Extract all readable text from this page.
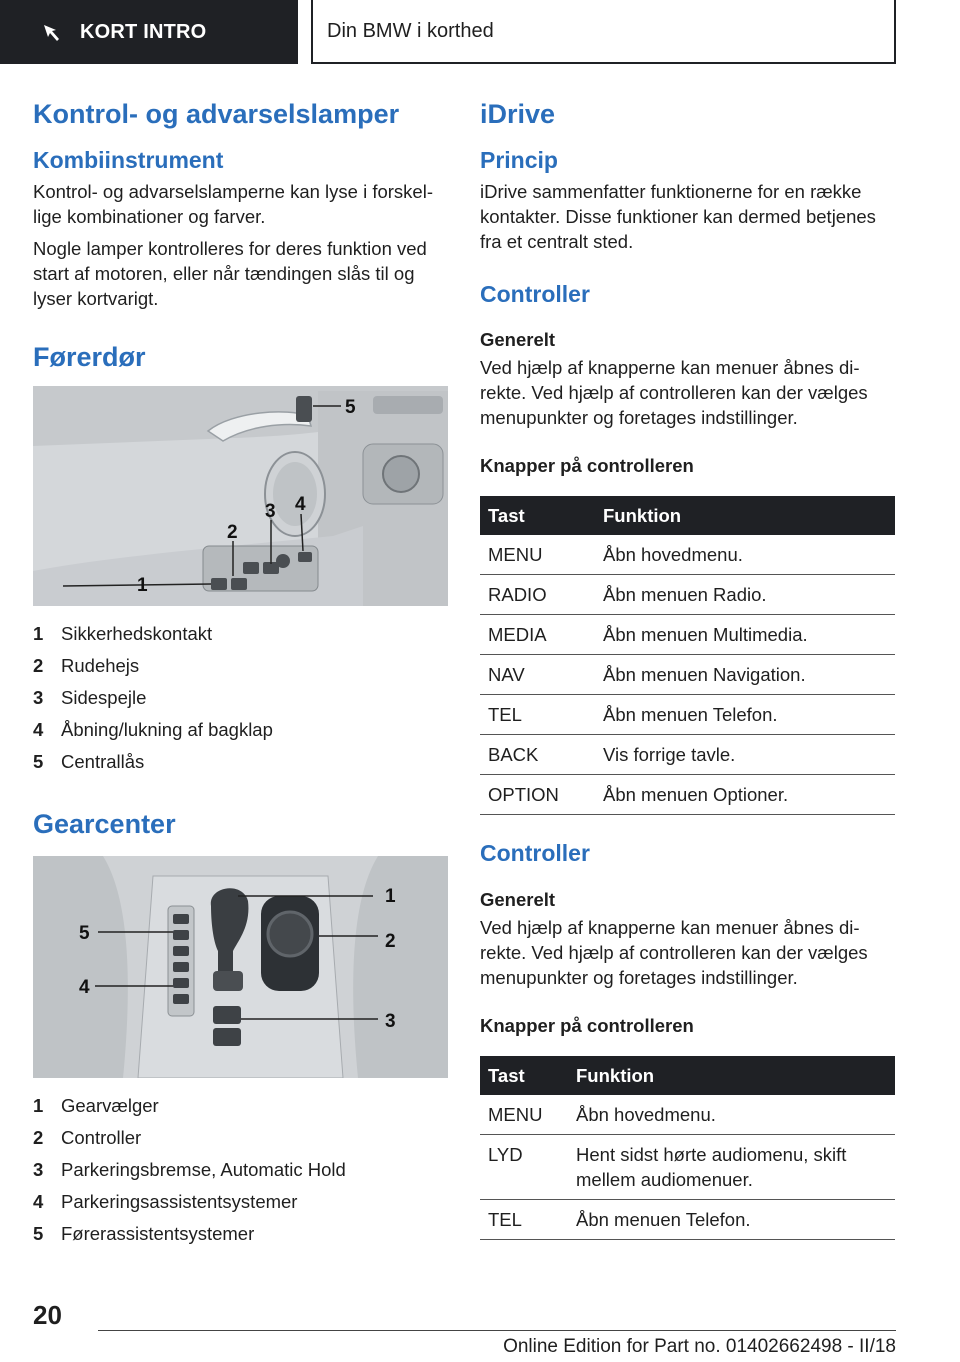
KORT INTRO	Din BMW i korthed
Kontrol- og advarselslamper
Kombiinstrument

Kontrol- og advarselslamperne kan lyse i forskel-lige kombinationer og farver.

Nogle lamper kontrolleres for deres funktion ved start af motoren, eller når tændingen slås til og lyser kortvarigt.

Førerdør
1
2
3 4
5
1 Sikkerhedskontakt
2 Rudehejs
3 Sidespejle
4 Åbning/lukning af bagklap
5 Centrallås
Gearcenter
1
2
3
4
5
1 Gearvælger
2 Controller
3 Parkeringsbremse, Automatic Hold
4 Parkeringsassistentsystemer
5 Førerassistentsystemer
iDrive
Princip

iDrive sammenfatter funktionerne for en række kontakter. Disse funktioner kan dermed betjenes fra et centralt sted.

Controller
Generelt

Ved hjælp af knapperne kan menuer åbnes di-rekte. Ved hjælp af controlleren kan der vælges menupunkter og foretages indstillinger.

Knapper på controlleren
Tast	Funktion
MENU	Åbn hovedmenu.
RADIO	Åbn menuen Radio.
MEDIA	Åbn menuen Multimedia.
NAV	Åbn menuen Navigation.
TEL	Åbn menuen Telefon.
BACK	Vis forrige tavle.
OPTION	Åbn menuen Optioner.
Controller
Generelt

Ved hjælp af knapperne kan menuer åbnes di-rekte. Ved hjælp af controlleren kan der vælges menupunkter og foretages indstillinger.

Knapper på controlleren
Tast	Funktion
MENU	Åbn hovedmenu.
LYD	Hent sidst hørte audiomenu, skift mellem audiomenuer.
TEL	Åbn menuen Telefon.
20
Online Edition for Part no. 01402662498 - II/18
